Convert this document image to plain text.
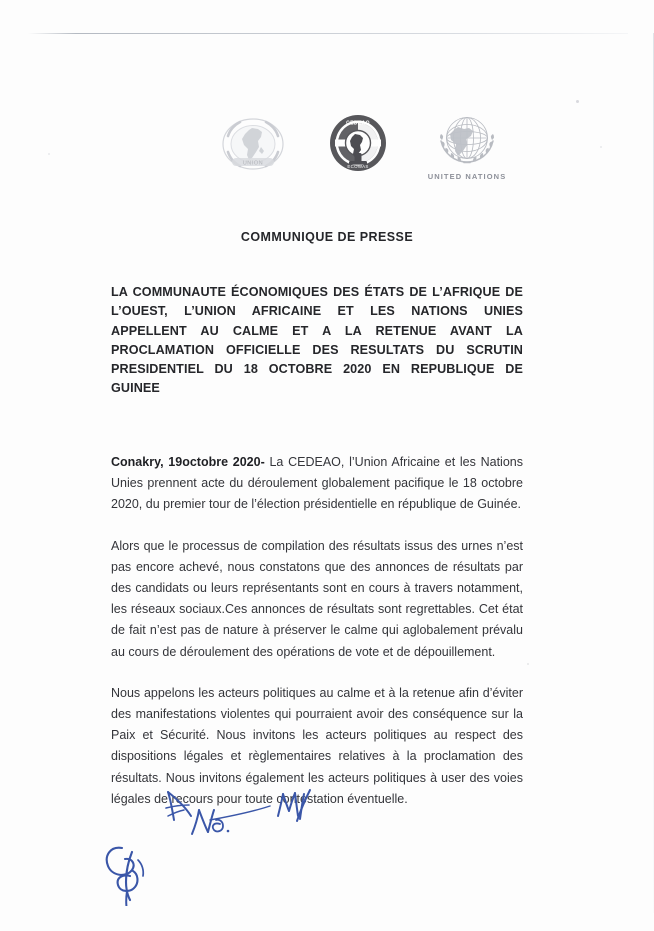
UNION
CEDEAO
ECOWAS
UNITED NATIONS
COMMUNIQUE DE PRESSE
LA COMMUNAUTE ÉCONOMIQUES DES ÉTATS DE L’AFRIQUE DE L’OUEST, L’UNION AFRICAINE ET LES NATIONS UNIES APPELLENT AU CALME ET A LA RETENUE AVANT LA PROCLAMATION OFFICIELLE DES RESULTATS DU SCRUTIN PRESIDENTIEL DU 18 OCTOBRE 2020 EN REPUBLIQUE DE GUINEE

Conakry, 19octobre 2020- La CEDEAO, l’Union Africaine et les Nations Unies prennent acte du déroulement globalement pacifique le 18 octobre 2020, du premier tour de l’élection présidentielle en république de Guinée.

Alors que le processus de compilation des résultats issus des urnes n’est pas encore achevé, nous constatons que des annonces de résultats par des candidats ou leurs représentants sont en cours à travers notamment, les réseaux sociaux.Ces annonces de résultats sont regrettables. Cet état de fait n’est pas de nature à préserver le calme qui aglobalement prévalu au cours de déroulement des opérations de vote et de dépouillement.

Nous appelons les acteurs politiques au calme et à la retenue afin d’éviter des manifestations violentes qui pourraient avoir des conséquence sur la Paix et Sécurité. Nous invitons les acteurs politiques au respect des dispositions légales et règlementaires relatives à la proclamation des résultats. Nous invitons également les acteurs politiques à user des voies légales de recours pour toute contestation éventuelle.
